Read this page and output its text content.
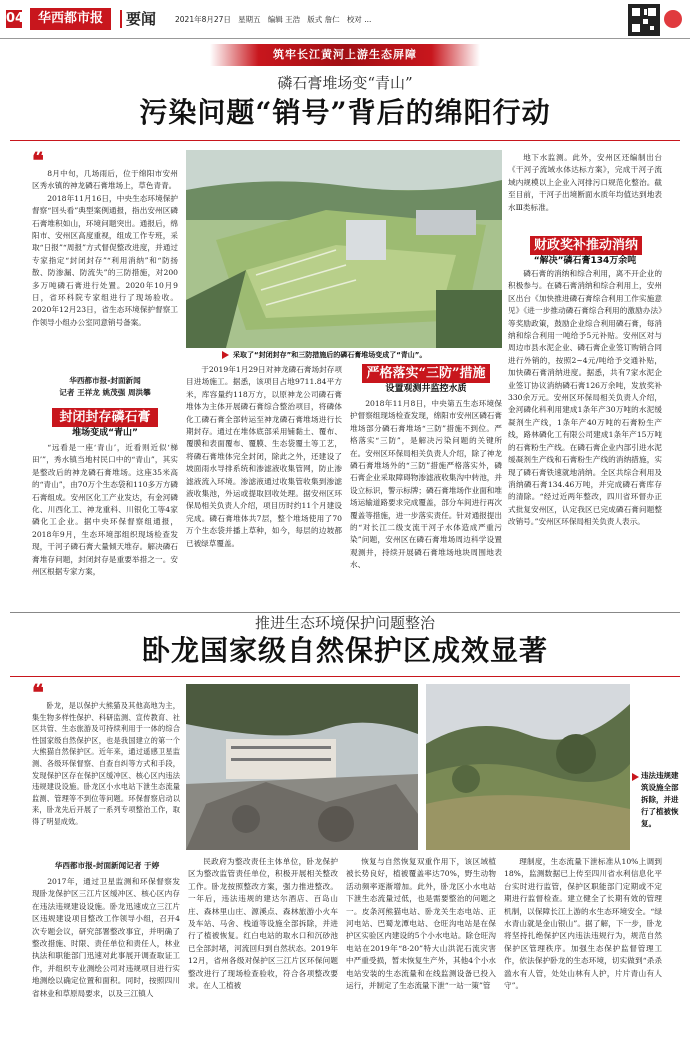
04	华西都市报	要闻	2021年8月27日 星期五 编辑 王浩 版式 詹仁 校对 ...
筑牢长江黄河上游生态屏障
磷石膏堆场变“青山”
污染问题“销号”背后的绵阳行动
❝ 8月中旬，几场雨后，位于绵阳市安州区秀水镇的神龙磷石膏堆场上，草色青青。

2018年11月16日，中央生态环境保护督察“回头看”典型案例通报，指出安州区磷石膏堆积如山，环境问题突出。通报后，绵阳市、安州区高度重视，组成工作专班，采取“日报”“周报”方式督促整改进度，并通过专家指定“封闭封存”“利用消纳”和“防扬散、防渗漏、防流失”的三防措施，对200多万吨磷石膏进行处置。2020年10月9日，省环科院专家组进行了现场验收。2020年12月23日，省生态环境保护督察工作领导小组办公室同意销号备案。

采取了“封闭封存”和三防措施后的磷石膏堆场变成了“青山”。

地下水监测。此外，安州区还编制出台《干河子流域水体达标方案》，完成干河子流域内规模以上企业入河排污口规范化整治。截至目前，干河子出境断面水质年均值达到地表水Ⅲ类标准。

财政奖补推动消纳
“解决”磷石膏134万余吨

磷石膏的消纳和综合利用，离不开企业的积极参与。在磷石膏消纳和综合利用上，安州区出台《加快推进磷石膏综合利用工作实施意见》《进一步推动磷石膏综合利用的激励办法》等奖励政策，鼓励企业综合利用磷石膏，每消纳和综合利用一吨给予5元补贴。安州区对与周边市县水泥企业、磷石膏企业签订购销合同进行外销的，按照2~4元/吨给予交通补贴，加快磷石膏消纳进度。据悉，共有7家水泥企业签订协议消纳磷石膏126万余吨，发放奖补330余万元。安州区环保局相关负责人介绍，金河磷化科利用建成1条年产30万吨的水泥缓凝剂生产线，1条年产40万吨的石膏粉生产线，路林磷化工有限公司建成1条年产15万吨的石膏粉生产线。在磷石膏企业内部引进水泥缓凝剂生产线和石膏粉生产线的消纳措施，实现了磷石膏铁速就地消纳。全区共综合利用及消纳磷石膏134.46万吨，并完成磷石膏库存的清除。“经过近两年整改，四川省环督办正式批复安州区，认定我区已完成磷石膏问题整改销号。”安州区环保局相关负责人表示。

华西都市报-封面新闻
记者 王祥龙 姚茂强 周洪攀
封闭封存磷石膏
堆场变成“青山”

“远看是一座‘青山’，近看则近似‘梯田’”，秀水镇当地村民口中的“青山”，其实是整改后的神龙磷石膏堆场。这座35米高的“青山”，由70万个生态袋和110多万方磷石膏组成。安州区化工产业发达，有金河磷化、川西化工、神龙重科、川银化工等4家磷化工企业。据中央环保督察组通报，2018年9月，生态环境部组织现场检查发现，干河子磷石膏大量倾天堆存。解决磷石膏堆存问题，封闭封存是重要举措之一。安州区根据专家方案，

于2019年1月29日对神龙磷石膏场封存项目进场施工。据悉，该项目占地9711.84平方米，库容量约118万方，以原神龙公司磷石膏堆体为主体开展磷石膏综合整治项目，将磷体化工磷石膏全部转运至神龙磷石膏堆场进行长期封存。通过在堆体底部采用铺黏土、覆布、覆膜和表面覆布、覆膜、生态袋覆土等工艺，将磷石膏堆体完全封闭，除此之外，还建设了坡面雨水导排系统和渗滤液收集管网，防止渗滤液流入环境。渗滤液通过收集管收集到渗滤液收集池，外运或提取回收处理。据安州区环保局相关负责人介绍，项目历时约11个月建设完成。磷石膏堆体共7层，整个堆场使用了70万个生态袋并播上草种，如今，每层的边坡都已被绿草覆盖。

严格落实“三防”措施
设置观测井监控水质

2018年11月8日，中央第五生态环境保护督察组现场检查发现，绵阳市安州区磷石膏堆场部分磷石膏堆场“三防”措施不到位。严格落实“三防”，是解决污染问题的关键所在。安州区环保局相关负责人介绍，除了神龙磷石膏堆场外的“三防”措施严格落实外，磷石膏企业采取障碍物渗滤液收集沟中转池，并设立标识，警示标牌；磷石膏堆场作业面和堆场运输道路要求完成覆盖，部分车间进行再次覆盖等措施，进一步落实责任。针对通报提出的“对长江二级支流干河子水体造成严重污染”问题，安州区在磷石膏堆场周边科学设置观测井，持续开展磷石膏堆场地块周围地表水、

推进生态环境保护问题整治
卧龙国家级自然保护区成效显著
❝ 卧龙，是以保护大熊猫及其他高地为主，集生物多样性保护、科研监测、宣传教育、社区共管、生态旅游及可持续利用于一体的综合性国家级自然保护区，也是我国建立的第一个大熊猫自然保护区。近年来，通过遥感卫星监测、各级环保督察、自查自纠等方式和手段，发现保护区存在保护区缓冲区、核心区内违法违规建设设施。卧龙区小水电站下泄生态流量监测、管理等不到位等问题。环保督察启动以来，卧龙先后开展了一系列专项整治工作，取得了明显成效。

华西都市报-封面新闻记者 于婷
违法违规建筑设施全部拆除，并进行了植被恢复。

2017年，通过卫星监测和环保督察发现卧龙保护区三江片区缓冲区、核心区内存在违法违规建设设施。卧龙迅速成立三江片区违规建设项目整改工作领导小组，召开4次专题会议，研究部署整改事宜，并明确了整改措施、时限、责任单位和责任人，林业执法和职能部门迅速对此事展开调查取证工作，并组织专业测绘公司对违规项目进行实地测绘以确定位置和面积。同时，按照四川省林业和草原局要求，以及三江镇人

民政府为整改责任主体单位，卧龙保护区为整改监管责任单位，积极开展相关整改工作。卧龙按照整改方案，强力推进整改。一年后，违法违规的建达尔酒店、百岛山庄、森林里山庄、源溪点、森林旅游小火车及车站、马舍、栈道等设施全部拆除，并进行了植被恢复。红白电站的取水口和沉砂池已全部封堵，河流回归到自然状态。2019年12月，省州各级对保护区三江片区环保问题整改进行了现场检查验收，符合各项整改要求。在人工植被

恢复与自然恢复双重作用下，该区域植被长势良好，植被覆盖率达70%，野生动物活动频率逐渐增加。此外，卧龙区小水电站下泄生态流量过低，也是需要整治的问题之一。皮条河熊猫电站、卧龙关生态电站、正河电站、巴蜀龙潭电站、仓旺沟电站是在保护区实验区内建设的5个小水电站。除仓旺沟电站在2019年“8·20”特大山洪泥石流灾害中严重受损，暂未恢复生产外，其他4个小水电站安装的生态流量和在线监测设备已投入运行，并制定了生态流量下泄“一站一策”管

理制度，生态流量下泄标准从10%上调到18%，监测数据已上传至四川省水利信息化平台实时进行监管，保护区职能部门定期或不定期进行监督检查。建立健全了长期有效的管理机制，以保障长江上游的水生态环境安全。“绿水青山就是金山银山”。据了解，下一步，卧龙将坚持扎绝保护区内违法违规行为，规范自然保护区管理秩序。加强生态保护监督管理工作，依法保护卧龙的生态环境，切实做到“杀杀滥水有人管，处处山林有人护，片片青山有人守”。
